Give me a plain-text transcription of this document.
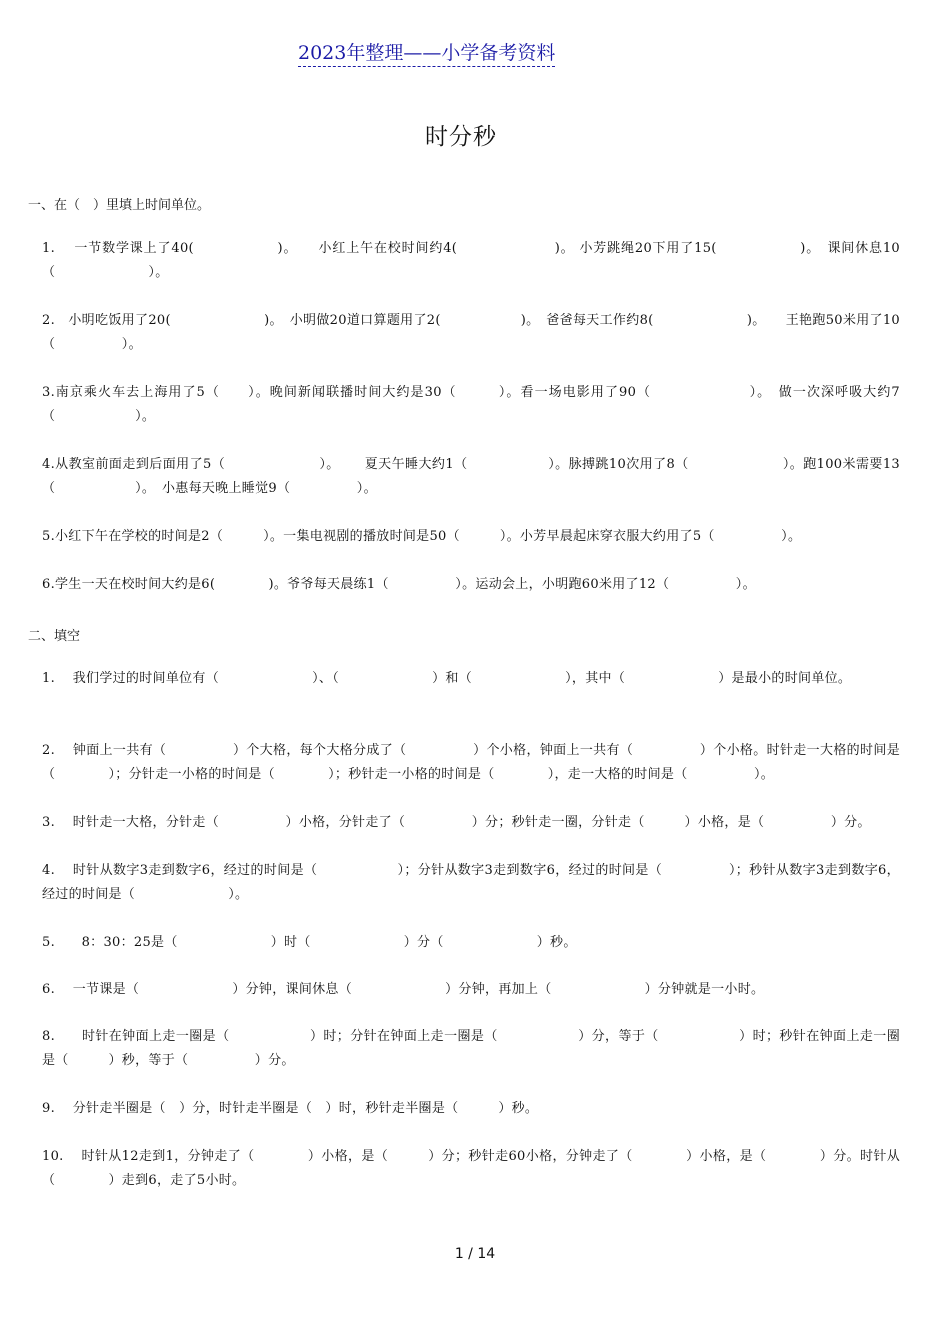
2023年整理——小学备考资料
时分秒
一、在（　）里填上时间单位。
1.　 一节数学课上了40(　　　　　　)。　　小红上午在校时间约4(　　　　　　　)。 小芳跳绳20下用了15(　　　　　　)。　课间休息10（　　　　　　　）。
2.　小明吃饭用了20(　　　　　　　)。　小明做20道口算题用了2(　　　　　　)。　爸爸每天工作约8(　　　　　　　)。　　王艳跑50米用了10（　　　　　）。
3.南京乘火车去上海用了5（　　）。晚间新闻联播时间大约是30（　　　）。看一场电影用了90（　　　　　　　）。　做一次深呼吸大约7（　　　　　　）。
4.从教室前面走到后面用了5（　　　　　　　）。　　 夏天午睡大约1（　　　　　　）。脉搏跳10次用了8（　　　　　　　）。跑100米需要13（　　　　　　）。　小惠每天晚上睡觉9（　　　　　）。
5.小红下午在学校的时间是2（　　　）。一集电视剧的播放时间是50（　　　）。小芳早晨起床穿衣服大约用了5（　　　　　）。
6.学生一天在校时间大约是6(　　　　)。爷爷每天晨练1（　　　　　）。运动会上，小明跑60米用了12（　　　　　）。
二、填空
1.　 我们学过的时间单位有（　　　　　　　）、（　　　　　　　）和（　　　　　　　），其中（　　　　　　　）是最小的时间单位。
2.　 钟面上一共有（　　　　　）个大格，每个大格分成了（　　　　　）个小格，钟面上一共有（　　　　　）个小格。时针走一大格的时间是（　　　　）；分针走一小格的时间是（　　　　）；秒针走一小格的时间是（　　　　），走一大格的时间是（　　　　　）。
3.　 时针走一大格，分针走（　　　　　）小格，分针走了（　　　　　）分；秒针走一圈，分针走（　　　）小格，是（　　　　　）分。
4.　 时针从数字3走到数字6，经过的时间是（　　　　　　）；分针从数字3走到数字6，经过的时间是（　　　　　）；秒针从数字3走到数字6，经过的时间是（　　　　　　　）。
5.　　8：30：25是（　　　　　　　）时（　　　　　　　）分（　　　　　　　）秒。
6.　 一节课是（　　　　　　　）分钟，课间休息（　　　　　　　）分钟，再加上（　　　　　　　）分钟就是一小时。
8.　　时针在钟面上走一圈是（　　　　　　）时；分针在钟面上走一圈是（　　　　　　）分，等于（　　　　　　）时；秒针在钟面上走一圈是（　　　）秒，等于（　　　　　）分。
9.　 分针走半圈是（　）分，时针走半圈是（　）时，秒针走半圈是（　　　）秒。
10.　 时针从12走到1，分钟走了（　　　　）小格，是（　　　）分；秒针走60小格，分钟走了（　　　　）小格，是（　　　　）分。时针从（　　　　）走到6，走了5小时。
1 / 14
